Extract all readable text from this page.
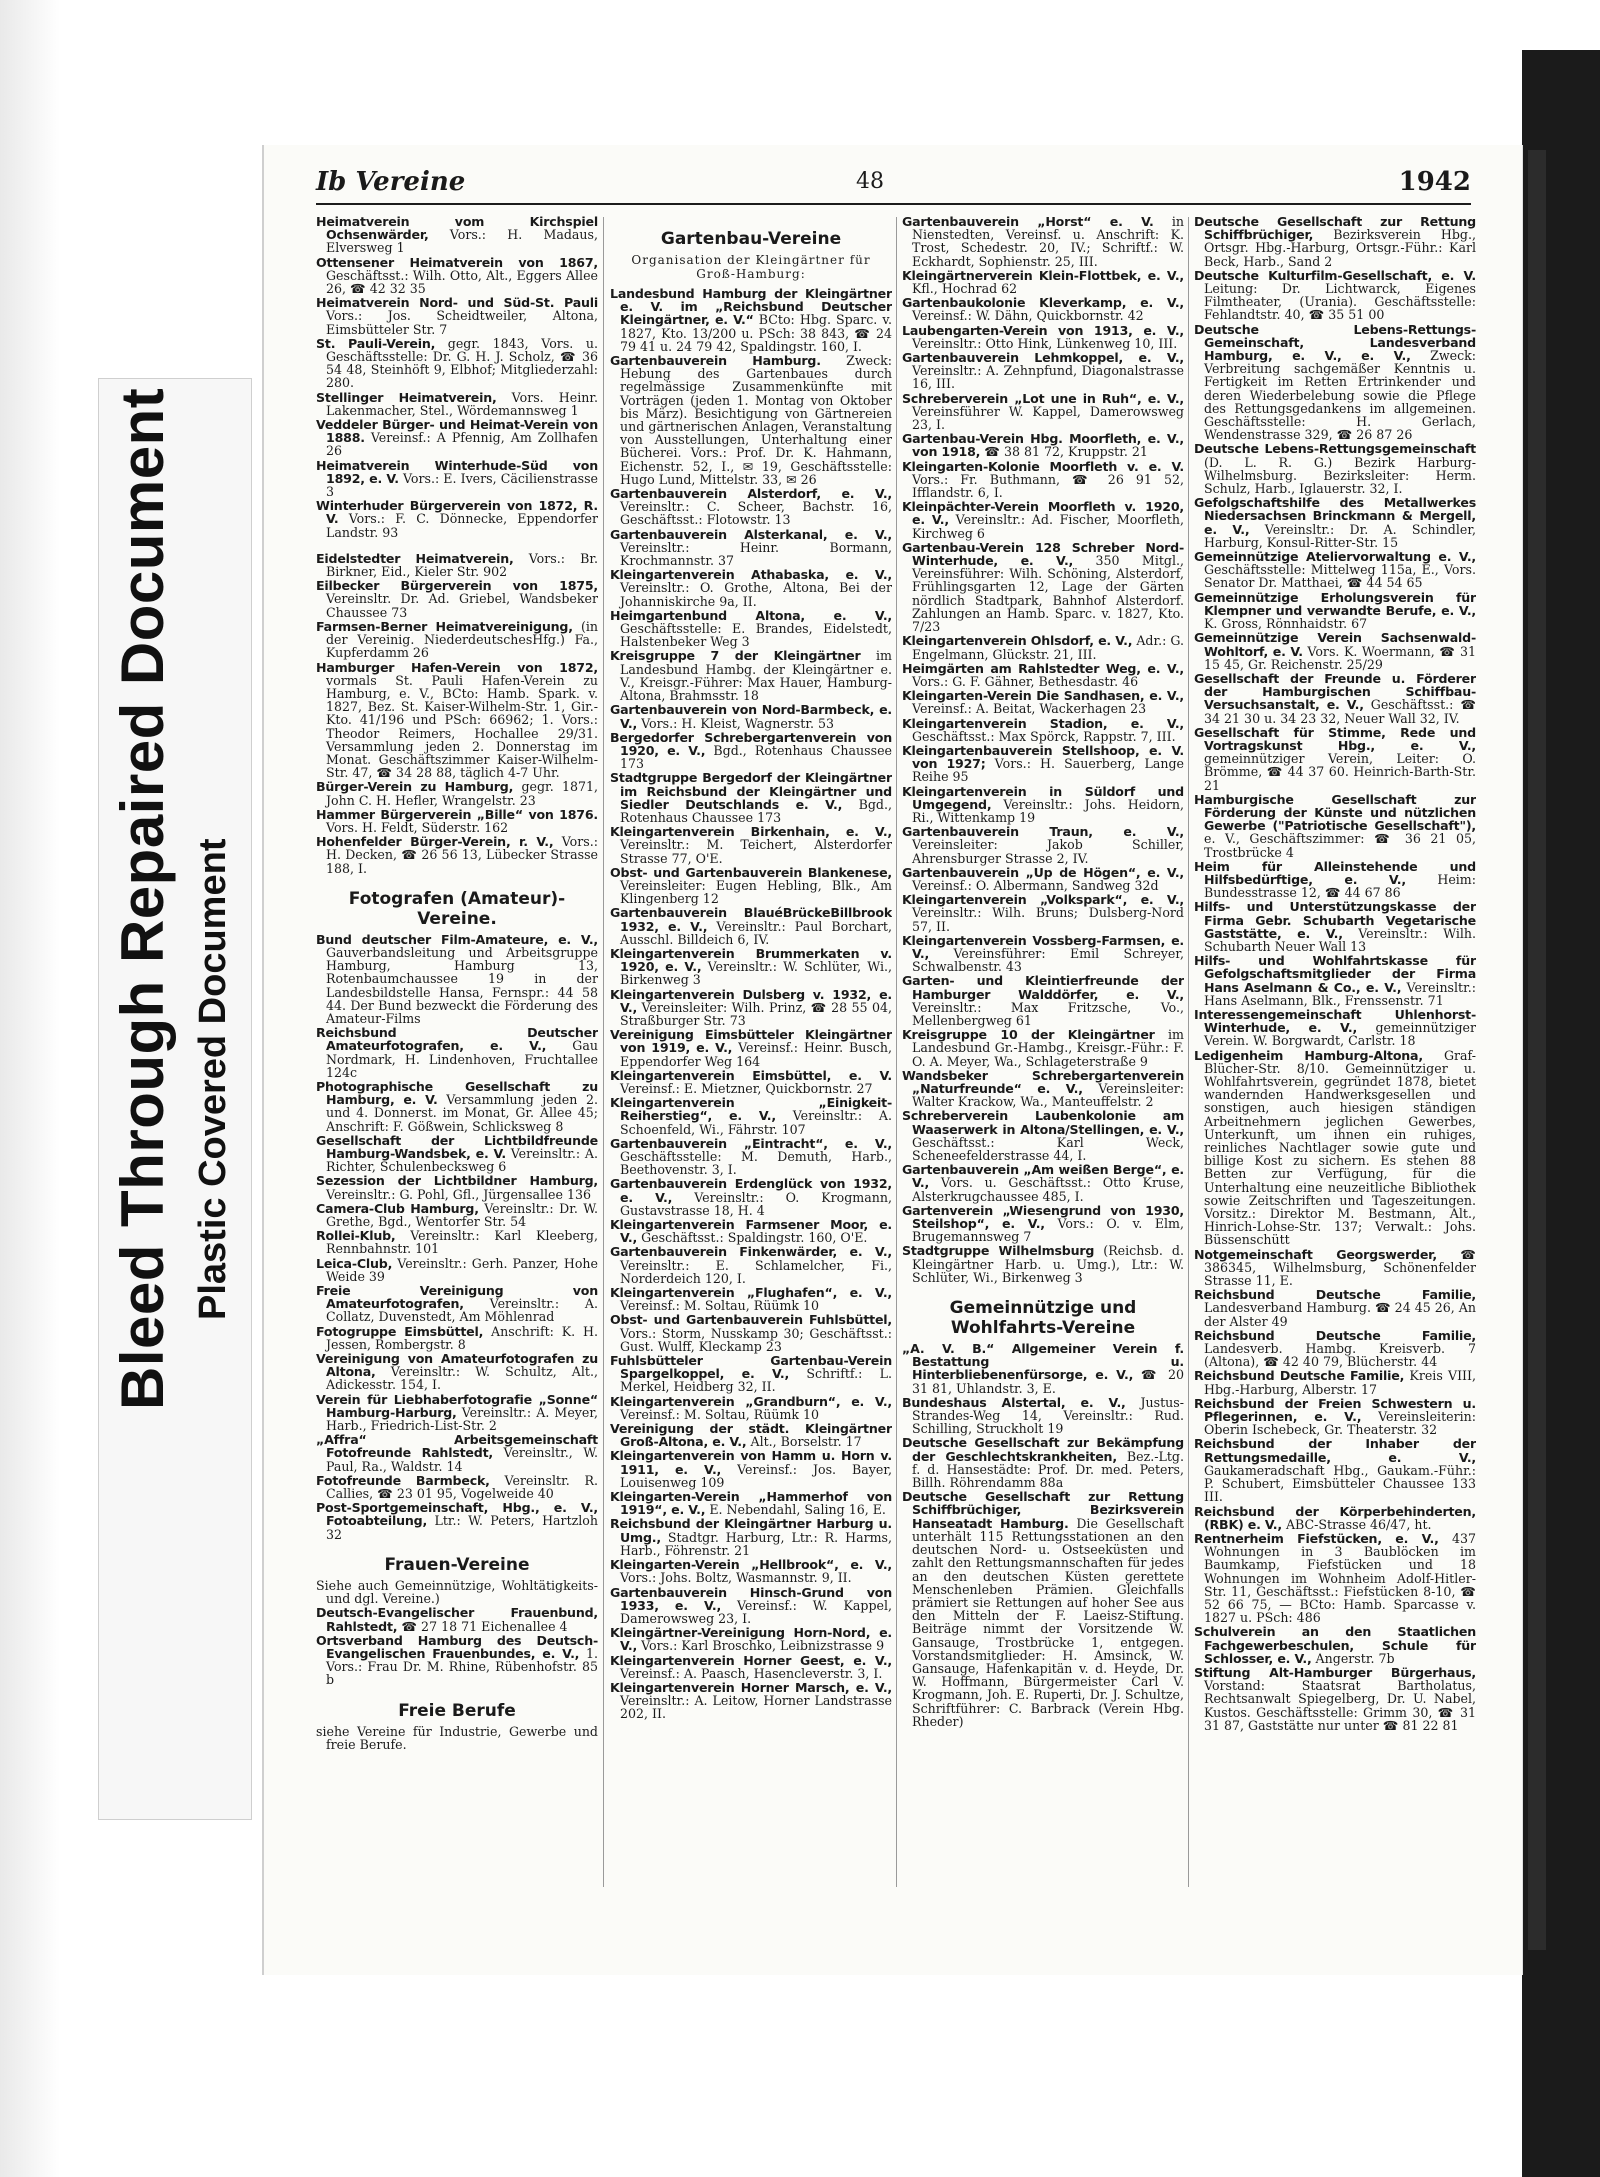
Bleed Through Repaired Document Plastic Covered Document
Ib Vereine	48	1942
Heimatverein vom Kirchspiel Ochsenwärder, Vors.: H. Madaus, Elversweg 1
Ottensener Heimatverein von 1867, Geschäftsst.: Wilh. Otto, Alt., Eggers Allee 26, ☎ 42 32 35
Heimatverein Nord- und Süd-St. Pauli Vors.: Jos. Scheidtweiler, Altona, Eimsbütteler Str. 7
St. Pauli-Verein, gegr. 1843, Vors. u. Geschäftsstelle: Dr. G. H. J. Scholz, ☎ 36 54 48, Steinhöft 9, Elbhof; Mitgliederzahl: 280.
Stellinger Heimatverein, Vors. Heinr. Lakenmacher, Stel., Wördemannsweg 1
Veddeler Bürger- und Heimat-Verein von 1888. Vereinsf.: A Pfennig, Am Zollhafen 26
Heimatverein Winterhude-Süd von 1892, e. V. Vors.: E. Ivers, Cäcilienstrasse 3
Winterhuder Bürgerverein von 1872, R. V. Vors.: F. C. Dönnecke, Eppendorfer Landstr. 93
Eidelstedter Heimatverein, Vors.: Br. Birkner, Eid., Kieler Str. 902
Eilbecker Bürgerverein von 1875, Vereinsltr. Dr. Ad. Griebel, Wandsbeker Chaussee 73
Farmsen-Berner Heimatvereinigung, (in der Vereinig. NiederdeutschesHfg.) Fa., Kupferdamm 26
Hamburger Hafen-Verein von 1872, vormals St. Pauli Hafen-Verein zu Hamburg, e. V., BCto: Hamb. Spark. v. 1827, Bez. St. Kaiser-Wilhelm-Str. 1, Gir.-Kto. 41/196 und PSch: 66962; 1. Vors.: Theodor Reimers, Hochallee 29/31. Versammlung jeden 2. Donnerstag im Monat. Geschäftszimmer Kaiser-Wilhelm-Str. 47, ☎ 34 28 88, täglich 4-7 Uhr.
Bürger-Verein zu Hamburg, gegr. 1871, John C. H. Hefler, Wrangelstr. 23
Hammer Bürgerverein „Bille“ von 1876. Vors. H. Feldt, Süderstr. 162
Hohenfelder Bürger-Verein, r. V., Vors.: H. Decken, ☎ 26 56 13, Lübecker Strasse 188, I.
Fotografen (Amateur)-Vereine.
Bund deutscher Film-Amateure, e. V., Gauverbandsleitung und Arbeitsgruppe Hamburg, Hamburg 13, Rotenbaumchaussee 19 in der Landesbildstelle Hansa, Fernspr.: 44 58 44. Der Bund bezweckt die Förderung des Amateur-Films
Reichsbund Deutscher Amateurfotografen, e. V., Gau Nordmark, H. Lindenhoven, Fruchtallee 124c
Photographische Gesellschaft zu Hamburg, e. V. Versammlung jeden 2. und 4. Donnerst. im Monat, Gr. Allee 45; Anschrift: F. Gößwein, Schlicksweg 8
Gesellschaft der Lichtbildfreunde Hamburg-Wandsbek, e. V. Vereinsltr.: A. Richter, Schulenbecksweg 6
Sezession der Lichtbildner Hamburg, Vereinsltr.: G. Pohl, Gfl., Jürgensallee 136
Camera-Club Hamburg, Vereinsltr.: Dr. W. Grethe, Bgd., Wentorfer Str. 54
Rollei-Klub, Vereinsltr.: Karl Kleeberg, Rennbahnstr. 101
Leica-Club, Vereinsltr.: Gerh. Panzer, Hohe Weide 39
Freie Vereinigung von Amateurfotografen, Vereinsltr.: A. Collatz, Duvenstedt, Am Möhlenrad
Fotogruppe Eimsbüttel, Anschrift: K. H. Jessen, Rombergstr. 8
Vereinigung von Amateurfotografen zu Altona, Vereinsltr.: W. Schultz, Alt., Adickesstr. 154, I.
Verein für Liebhaberfotografie „Sonne“ Hamburg-Harburg, Vereinsltr.: A. Meyer, Harb., Friedrich-List-Str. 2
„Affra“ Arbeitsgemeinschaft Fotofreunde Rahlstedt, Vereinsltr., W. Paul, Ra., Waldstr. 14
Fotofreunde Barmbeck, Vereinsltr. R. Callies, ☎ 23 01 95, Vogelweide 40
Post-Sportgemeinschaft, Hbg., e. V., Fotoabteilung, Ltr.: W. Peters, Hartzloh 32
Frauen-Vereine
Siehe auch Gemeinnützige, Wohltätigkeits- und dgl. Vereine.)
Deutsch-Evangelischer Frauenbund, Rahlstedt, ☎ 27 18 71 Eichenallee 4
Ortsverband Hamburg des Deutsch-Evangelischen Frauenbundes, e. V., 1. Vors.: Frau Dr. M. Rhine, Rübenhofstr. 85 b
Freie Berufe
siehe Vereine für Industrie, Gewerbe und freie Berufe.
Gartenbau-Vereine
Organisation der Kleingärtner für Groß-Hamburg:
Landesbund Hamburg der Kleingärtner e. V. im „Reichsbund Deutscher Kleingärtner, e. V.“ BCto: Hbg. Sparc. v. 1827, Kto. 13/200 u. PSch: 38 843, ☎ 24 79 41 u. 24 79 42, Spaldingstr. 160, I.
Gartenbauverein Hamburg. Zweck: Hebung des Gartenbaues durch regelmässige Zusammenkünfte mit Vorträgen (jeden 1. Montag von Oktober bis März). Besichtigung von Gärtnereien und gärtnerischen Anlagen, Veranstaltung von Ausstellungen, Unterhaltung einer Bücherei. Vors.: Prof. Dr. K. Hahmann, Eichenstr. 52, I., ✉ 19, Geschäftsstelle: Hugo Lund, Mittelstr. 33, ✉ 26
Gartenbauverein Alsterdorf, e. V., Vereinsltr.: C. Scheer, Bachstr. 16, Geschäftsst.: Flotowstr. 13
Gartenbauverein Alsterkanal, e. V., Vereinsltr.: Heinr. Bormann, Krochmannstr. 37
Kleingartenverein Athabaska, e. V., Vereinsltr.: O. Grothe, Altona, Bei der Johanniskirche 9a, II.
Heimgartenbund Altona, e. V., Geschäftsstelle: E. Brandes, Eidelstedt, Halstenbeker Weg 3
Kreisgruppe 7 der Kleingärtner im Landesbund Hambg. der Kleingärtner e. V., Kreisgr.-Führer: Max Hauer, Hamburg-Altona, Brahmsstr. 18
Gartenbauverein von Nord-Barmbeck, e. V., Vors.: H. Kleist, Wagnerstr. 53
Bergedorfer Schrebergartenverein von 1920, e. V., Bgd., Rotenhaus Chaussee 173
Stadtgruppe Bergedorf der Kleingärtner im Reichsbund der Kleingärtner und Siedler Deutschlands e. V., Bgd., Rotenhaus Chaussee 173
Kleingartenverein Birkenhain, e. V., Vereinsltr.: M. Teichert, Alsterdorfer Strasse 77, O'E.
Obst- und Gartenbauverein Blankenese, Vereinsleiter: Eugen Hebling, Blk., Am Klingenberg 12
Gartenbauverein BlauéBrückeBillbrook 1932, e. V., Vereinsltr.: Paul Borchart, Ausschl. Billdeich 6, IV.
Kleingartenverein Brummerkaten v. 1920, e. V., Vereinsltr.: W. Schlüter, Wi., Birkenweg 3
Kleingartenverein Dulsberg v. 1932, e. V., Vereinsleiter: Wilh. Prinz, ☎ 28 55 04, Straßburger Str. 73
Vereinigung Eimsbütteler Kleingärtner von 1919, e. V., Vereinsf.: Heinr. Busch, Eppendorfer Weg 164
Kleingartenverein Eimsbüttel, e. V. Vereinsf.: E. Mietzner, Quickbornstr. 27
Kleingartenverein „Einigkeit-Reiherstieg“, e. V., Vereinsltr.: A. Schoenfeld, Wi., Fährstr. 107
Gartenbauverein „Eintracht“, e. V., Geschäftsstelle: M. Demuth, Harb., Beethovenstr. 3, I.
Gartenbauverein Erdenglück von 1932, e. V., Vereinsltr.: O. Krogmann, Gustavstrasse 18, H. 4
Kleingartenverein Farmsener Moor, e. V., Geschäftsst.: Spaldingstr. 160, O'E.
Gartenbauverein Finkenwärder, e. V., Vereinsltr.: E. Schlamelcher, Fi., Norderdeich 120, I.
Kleingartenverein „Flughafen“, e. V., Vereinsf.: M. Soltau, Rüümk 10
Obst- und Gartenbauverein Fuhlsbüttel, Vors.: Storm, Nusskamp 30; Geschäftsst.: Gust. Wulff, Kleckamp 23
Fuhlsbütteler Gartenbau-Verein Spargelkoppel, e. V., Schriftf.: L. Merkel, Heidberg 32, II.
Kleingartenverein „Grandburn“, e. V., Vereinsf.: M. Soltau, Rüümk 10
Vereinigung der städt. Kleingärtner Groß-Altona, e. V., Alt., Borselstr. 17
Kleingartenverein von Hamm u. Horn v. 1911, e. V., Vereinsf.: Jos. Bayer, Louisenweg 109
Kleingarten-Verein „Hammerhof von 1919“, e. V., E. Nebendahl, Saling 16, E.
Reichsbund der Kleingärtner Harburg u. Umg., Stadtgr. Harburg, Ltr.: R. Harms, Harb., Föhrenstr. 21
Kleingarten-Verein „Hellbrook“, e. V., Vors.: Johs. Boltz, Wasmannstr. 9, II.
Gartenbauverein Hinsch-Grund von 1933, e. V., Vereinsf.: W. Kappel, Damerowsweg 23, I.
Kleingärtner-Vereinigung Horn-Nord, e. V., Vors.: Karl Broschko, Leibnizstrasse 9
Kleingartenverein Horner Geest, e. V., Vereinsf.: A. Paasch, Hasencleverstr. 3, I.
Kleingartenverein Horner Marsch, e. V., Vereinsltr.: A. Leitow, Horner Landstrasse 202, II.
Gartenbauverein „Horst“ e. V. in Nienstedten, Vereinsf. u. Anschrift: K. Trost, Schedestr. 20, IV.; Schriftf.: W. Eckhardt, Sophienstr. 25, III.
Kleingärtnerverein Klein-Flottbek, e. V., Kfl., Hochrad 62
Gartenbaukolonie Kleverkamp, e. V., Vereinsf.: W. Dähn, Quickbornstr. 42
Laubengarten-Verein von 1913, e. V., Vereinsltr.: Otto Hink, Lünkenweg 10, III.
Gartenbauverein Lehmkoppel, e. V., Vereinsltr.: A. Zehnpfund, Diagonalstrasse 16, III.
Schreberverein „Lot une in Ruh“, e. V., Vereinsführer W. Kappel, Damerowsweg 23, I.
Gartenbau-Verein Hbg. Moorfleth, e. V., von 1918, ☎ 38 81 72, Kruppstr. 21
Kleingarten-Kolonie Moorfleth v. e. V. Vors.: Fr. Buthmann, ☎ 26 91 52, Ifflandstr. 6, I.
Kleinpächter-Verein Moorfleth v. 1920, e. V., Vereinsltr.: Ad. Fischer, Moorfleth, Kirchweg 6
Gartenbau-Verein 128 Schreber Nord-Winterhude, e. V., 350 Mitgl., Vereinsführer: Wilh. Schöning, Alsterdorf, Frühlingsgarten 12, Lage der Gärten nördlich Stadtpark, Bahnhof Alsterdorf. Zahlungen an Hamb. Sparc. v. 1827, Kto. 7/23
Kleingartenverein Ohlsdorf, e. V., Adr.: G. Engelmann, Glückstr. 21, III.
Heimgärten am Rahlstedter Weg, e. V., Vors.: G. F. Gähner, Bethesdastr. 46
Kleingarten-Verein Die Sandhasen, e. V., Vereinsf.: A. Beitat, Wackerhagen 23
Kleingartenverein Stadion, e. V., Geschäftsst.: Max Spörck, Rappstr. 7, III.
Kleingartenbauverein Stellshoop, e. V. von 1927; Vors.: H. Sauerberg, Lange Reihe 95
Kleingartenverein in Süldorf und Umgegend, Vereinsltr.: Johs. Heidorn, Ri., Wittenkamp 19
Gartenbauverein Traun, e. V., Vereinsleiter: Jakob Schiller, Ahrensburger Strasse 2, IV.
Gartenbauverein „Up de Högen“, e. V., Vereinsf.: O. Albermann, Sandweg 32d
Kleingartenverein „Volkspark“, e. V., Vereinsltr.: Wilh. Bruns; Dulsberg-Nord 57, II.
Kleingartenverein Vossberg-Farmsen, e. V., Vereinsführer: Emil Schreyer, Schwalbenstr. 43
Garten- und Kleintierfreunde der Hamburger Walddörfer, e. V., Vereinsltr.: Max Fritzsche, Vo., Mellenbergweg 61
Kreisgruppe 10 der Kleingärtner im Landesbund Gr.-Hambg., Kreisgr.-Führ.: F. O. A. Meyer, Wa., Schlageterstraße 9
Wandsbeker Schrebergartenverein „Naturfreunde“ e. V., Vereinsleiter: Walter Krackow, Wa., Manteuffelstr. 2
Schreberverein Laubenkolonie am Waaserwerk in Altona/Stellingen, e. V., Geschäftsst.: Karl Weck, Scheneefelderstrasse 44, I.
Gartenbauverein „Am weißen Berge“, e. V., Vors. u. Geschäftsst.: Otto Kruse, Alsterkrugchaussee 485, I.
Gartenverein „Wiesengrund von 1930, Steilshop“, e. V., Vors.: O. v. Elm, Brugemannsweg 7
Stadtgruppe Wilhelmsburg (Reichsb. d. Kleingärtner Harb. u. Umg.), Ltr.: W. Schlüter, Wi., Birkenweg 3
Gemeinnützige und Wohlfahrts-Vereine
„A. V. B.“ Allgemeiner Verein f. Bestattung u. Hinterbliebenenfürsorge, e. V., ☎ 20 31 81, Uhlandstr. 3, E.
Bundeshaus Alstertal, e. V., Justus-Strandes-Weg 14, Vereinsltr.: Rud. Schilling, Struckholt 19
Deutsche Gesellschaft zur Bekämpfung der Geschlechtskrankheiten, Bez.-Ltg. f. d. Hansestädte: Prof. Dr. med. Peters, Billh. Röhrendamm 88a
Deutsche Gesellschaft zur Rettung Schiffbrüchiger, Bezirksverein Hanseatadt Hamburg. Die Gesellschaft unterhält 115 Rettungsstationen an den deutschen Nord- u. Ostseeküsten und zahlt den Rettungsmannschaften für jedes an den deutschen Küsten gerettete Menschenleben Prämien. Gleichfalls prämiert sie Rettungen auf hoher See aus den Mitteln der F. Laeisz-Stiftung. Beiträge nimmt der Vorsitzende W. Gansauge, Trostbrücke 1, entgegen. Vorstandsmitglieder: H. Amsinck, W. Gansauge, Hafenkapitän v. d. Heyde, Dr. W. Hoffmann, Bürgermeister Carl V. Krogmann, Joh. E. Ruperti, Dr. J. Schultze, Schriftführer: C. Barbrack (Verein Hbg. Rheder)
Deutsche Gesellschaft zur Rettung Schiffbrüchiger, Bezirksverein Hbg., Ortsgr. Hbg.-Harburg, Ortsgr.-Führ.: Karl Beck, Harb., Sand 2
Deutsche Kulturfilm-Gesellschaft, e. V. Leitung: Dr. Lichtwarck, Eigenes Filmtheater, (Urania). Geschäftsstelle: Fehlandtstr. 40, ☎ 35 51 00
Deutsche Lebens-Rettungs-Gemeinschaft, Landesverband Hamburg, e. V., e. V., Zweck: Verbreitung sachgemäßer Kenntnis u. Fertigkeit im Retten Ertrinkender und deren Wiederbelebung sowie die Pflege des Rettungsgedankens im allgemeinen. Geschäftsstelle: H. Gerlach, Wendenstrasse 329, ☎ 26 87 26
Deutsche Lebens-Rettungsgemeinschaft (D. L. R. G.) Bezirk Harburg-Wilhelmsburg. Bezirksleiter: Herm. Schulz, Harb., Iglauerstr. 32, I.
Gefolgschaftshilfe des Metallwerkes Niedersachsen Brinckmann & Mergell, e. V., Vereinsltr.: Dr. A. Schindler, Harburg, Konsul-Ritter-Str. 15
Gemeinnützige Ateliervorwaltung e. V., Geschäftsstelle: Mittelweg 115a, E., Vors. Senator Dr. Matthaei, ☎ 44 54 65
Gemeinnützige Erholungsverein für Klempner und verwandte Berufe, e. V., K. Gross, Rönnhaidstr. 67
Gemeinnützige Verein Sachsenwald-Wohltorf, e. V. Vors. K. Woermann, ☎ 31 15 45, Gr. Reichenstr. 25/29
Gesellschaft der Freunde u. Förderer der Hamburgischen Schiffbau-Versuchsanstalt, e. V., Geschäftsst.: ☎ 34 21 30 u. 34 23 32, Neuer Wall 32, IV.
Gesellschaft für Stimme, Rede und Vortragskunst Hbg., e. V., gemeinnütziger Verein, Leiter: O. Brömme, ☎ 44 37 60. Heinrich-Barth-Str. 21
Hamburgische Gesellschaft zur Förderung der Künste und nützlichen Gewerbe ("Patriotische Gesellschaft"), e. V., Geschäftszimmer: ☎ 36 21 05, Trostbrücke 4
Heim für Alleinstehende und Hilfsbedürftige, e. V., Heim: Bundesstrasse 12, ☎ 44 67 86
Hilfs- und Unterstützungskasse der Firma Gebr. Schubarth Vegetarische Gaststätte, e. V., Vereinsltr.: Wilh. Schubarth Neuer Wall 13
Hilfs- und Wohlfahrtskasse für Gefolgschaftsmitglieder der Firma Hans Aselmann & Co., e. V., Vereinsltr.: Hans Aselmann, Blk., Frenssenstr. 71
Interessengemeinschaft Uhlenhorst-Winterhude, e. V., gemeinnütziger Verein. W. Borgwardt, Carlstr. 18
Ledigenheim Hamburg-Altona, Graf-Blücher-Str. 8/10. Gemeinnütziger u. Wohlfahrtsverein, gegründet 1878, bietet wandernden Handwerksgesellen und sonstigen, auch hiesigen ständigen Arbeitnehmern jeglichen Gewerbes, Unterkunft, um ihnen ein ruhiges, reinliches Nachtlager sowie gute und billige Kost zu sichern. Es stehen 88 Betten zur Verfügung, für die Unterhaltung eine neuzeitliche Bibliothek sowie Zeitschriften und Tageszeitungen. Vorsitz.: Direktor M. Bestmann, Alt., Hinrich-Lohse-Str. 137; Verwalt.: Johs. Büssenschütt
Notgemeinschaft Georgswerder, ☎ 386345, Wilhelmsburg, Schönenfelder Strasse 11, E.
Reichsbund Deutsche Familie, Landesverband Hamburg. ☎ 24 45 26, An der Alster 49
Reichsbund Deutsche Familie, Landesverb. Hambg. Kreisverb. 7 (Altona), ☎ 42 40 79, Blücherstr. 44
Reichsbund Deutsche Familie, Kreis VIII, Hbg.-Harburg, Alberstr. 17
Reichsbund der Freien Schwestern u. Pflegerinnen, e. V., Vereinsleiterin: Oberin Ischebeck, Gr. Theaterstr. 32
Reichsbund der Inhaber der Rettungsmedaille, e. V., Gaukameradschaft Hbg., Gaukam.-Führ.: P. Schubert, Eimsbütteler Chaussee 133 III.
Reichsbund der Körperbehinderten, (RBK) e. V., ABC-Strasse 46/47, ht.
Rentnerheim Fiefstücken, e. V., 437 Wohnungen in 3 Baublöcken im Baumkamp, Fiefstücken und 18 Wohnungen im Wohnheim Adolf-Hitler-Str. 11, Geschäftsst.: Fiefstücken 8-10, ☎ 52 66 75, — BCto: Hamb. Sparcasse v. 1827 u. PSch: 486
Schulverein an den Staatlichen Fachgewerbeschulen, Schule für Schlosser, e. V., Angerstr. 7b
Stiftung Alt-Hamburger Bürgerhaus, Vorstand: Staatsrat Bartholatus, Rechtsanwalt Spiegelberg, Dr. U. Nabel, Kustos. Geschäftsstelle: Grimm 30, ☎ 31 31 87, Gaststätte nur unter ☎ 81 22 81
